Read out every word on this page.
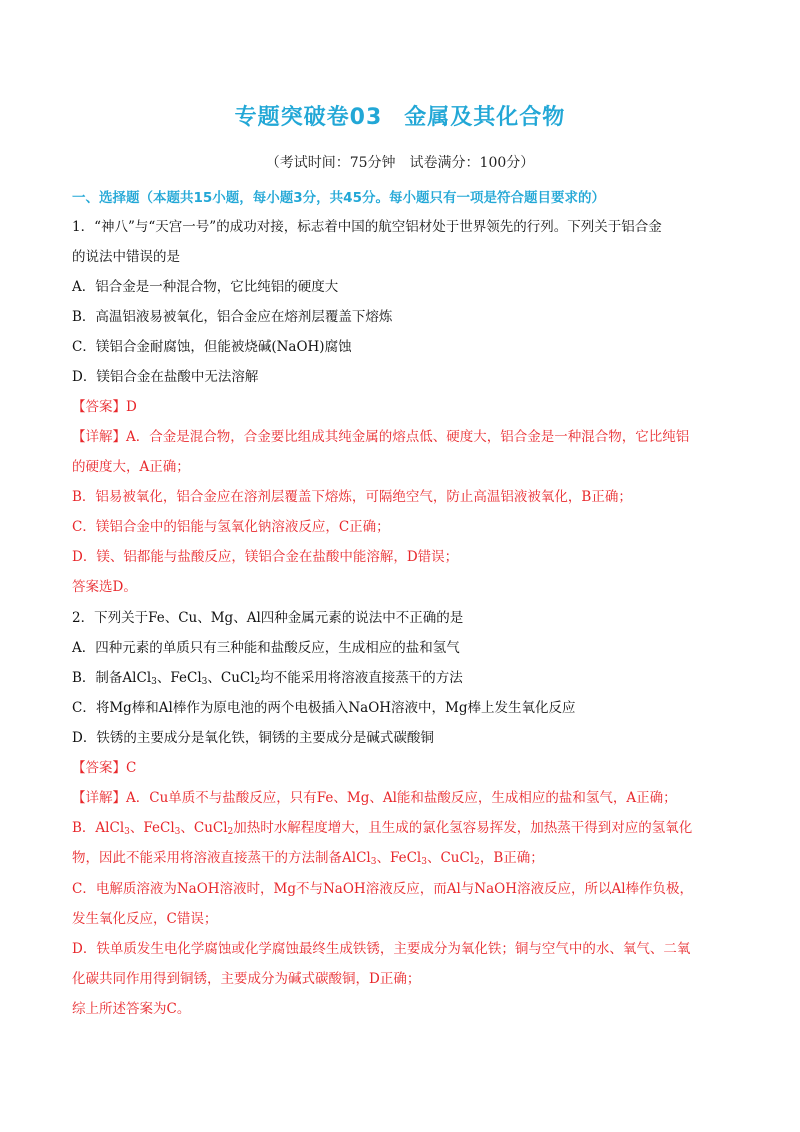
专题突破卷03 金属及其化合物
（考试时间：75分钟　试卷满分：100分）
一、选择题（本题共15小题，每小题3分，共45分。每小题只有一项是符合题目要求的）
1．“神八”与“天宫一号”的成功对接，标志着中国的航空铝材处于世界领先的行列。下列关于铝合金
的说法中错误的是
A．铝合金是一种混合物，它比纯铝的硬度大
B．高温铝液易被氧化，铝合金应在熔剂层覆盖下熔炼
C．镁铝合金耐腐蚀，但能被烧碱(NaOH)腐蚀
D．镁铝合金在盐酸中无法溶解
【答案】D
【详解】A．合金是混合物，合金要比组成其纯金属的熔点低、硬度大，铝合金是一种混合物，它比纯铝
的硬度大，A正确；
B．铝易被氧化，铝合金应在溶剂层覆盖下熔炼，可隔绝空气，防止高温铝液被氧化，B正确；
C．镁铝合金中的铝能与氢氧化钠溶液反应，C正确；
D．镁、铝都能与盐酸反应，镁铝合金在盐酸中能溶解，D错误；
答案选D。
2．下列关于Fe、Cu、Mg、Al四种金属元素的说法中不正确的是
A．四种元素的单质只有三种能和盐酸反应，生成相应的盐和氢气
B．制备AlCl$_3$、FeCl$_3$、CuCl$_2$均不能采用将溶液直接蒸干的方法
C．将Mg棒和Al棒作为原电池的两个电极插入NaOH溶液中，Mg棒上发生氧化反应
D．铁锈的主要成分是氧化铁，铜锈的主要成分是碱式碳酸铜
【答案】C
【详解】A．Cu单质不与盐酸反应，只有Fe、Mg、Al能和盐酸反应，生成相应的盐和氢气，A正确；
B．AlCl$_3$、FeCl$_3$、CuCl$_2$加热时水解程度增大，且生成的氯化氢容易挥发，加热蒸干得到对应的氢氧化
物，因此不能采用将溶液直接蒸干的方法制备AlCl$_3$、FeCl$_3$、CuCl$_2$，B正确；
C．电解质溶液为NaOH溶液时，Mg不与NaOH溶液反应，而Al与NaOH溶液反应，所以Al棒作负极，
发生氧化反应，C错误；
D．铁单质发生电化学腐蚀或化学腐蚀最终生成铁锈，主要成分为氧化铁；铜与空气中的水、氧气、二氧
化碳共同作用得到铜锈，主要成分为碱式碳酸铜，D正确；
综上所述答案为C。
